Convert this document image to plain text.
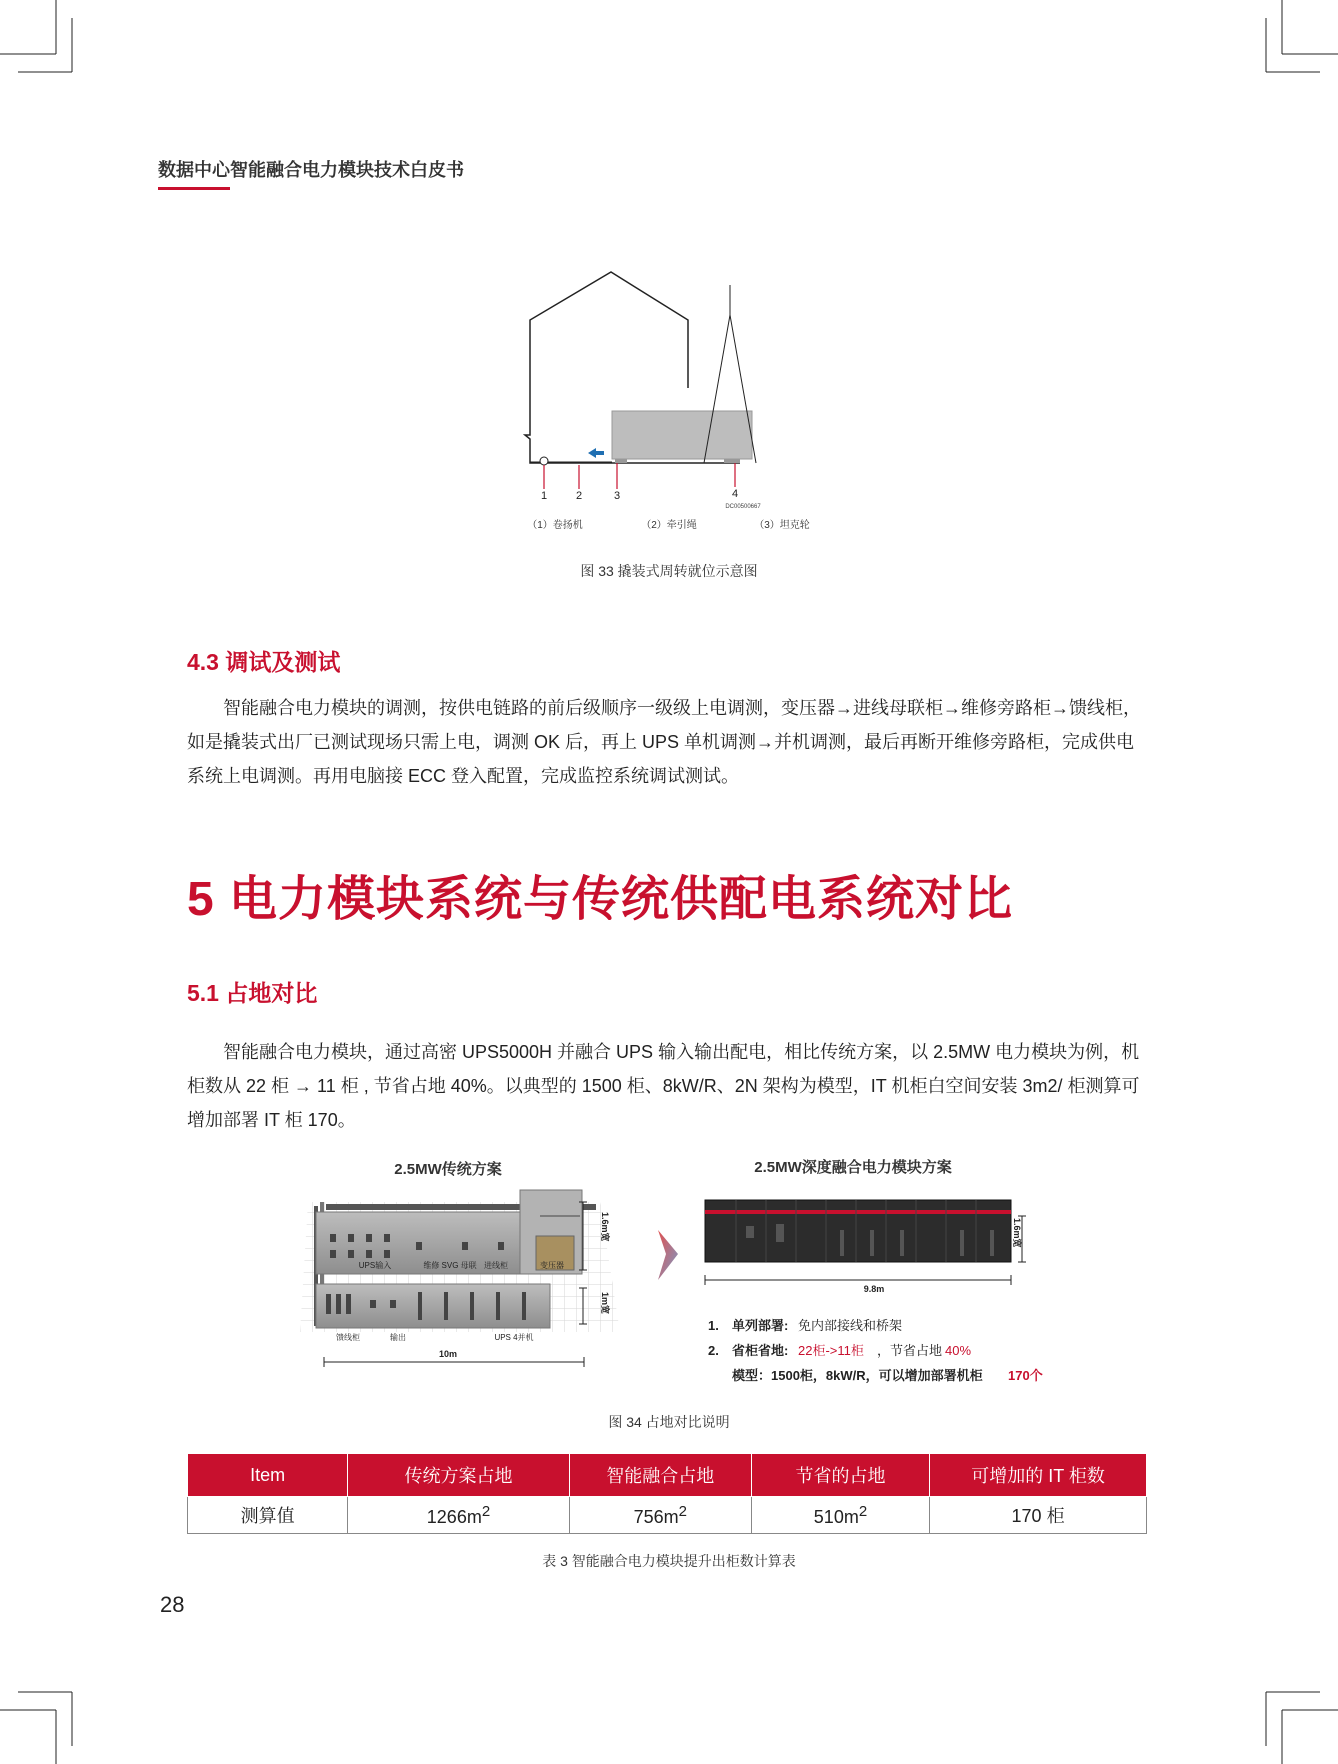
数据中心智能融合电力模块技术白皮书
1	2	3	4
DC00500667
（1）卷扬机	（2）牵引绳	（3）坦克轮
图 33 撬装式周转就位示意图
4.3 调试及测试

智能融合电力模块的调测，按供电链路的前后级顺序一级级上电调测，变压器→进线母联柜→维修旁路柜→馈线柜，如是撬装式出厂已测试现场只需上电，调测 OK 后，再上 UPS 单机调测→并机调测，最后再断开维修旁路柜，完成供电系统上电调测。再用电脑接 ECC 登入配置，完成监控系统调试测试。

5 电力模块系统与传统供配电系统对比
5.1 占地对比

智能融合电力模块，通过高密 UPS5000H 并融合 UPS 输入输出配电，相比传统方案，以 2.5MW 电力模块为例，机柜数从 22 柜 → 11 柜 , 节省占地 40%。以典型的 1500 柜、8kW/R、2N 架构为模型，IT 机柜白空间安装 3m2/ 柜测算可增加部署 IT 柜 170。

2.5MW传统方案	2.5MW深度融合电力模块方案
UPS输入	维修 SVG 母联 进线柜	变压器
馈线柜	输出	UPS 4并机
10m
1.6m宽
1m宽
9.8m
1.6m宽
1. 单列部署: 免内部接线和桥架
2. 省柜省地: 22柜->11柜 ，节省占地 40%
模型：1500柜，8kW/R，可以增加部署机柜 170个
图 34 占地对比说明
Item	传统方案占地	智能融合占地	节省的占地	可增加的 IT 柜数
测算值	$1266m^2$	$756m^2$	$510m^2$	170 柜
表 3 智能融合电力模块提升出柜数计算表
28
